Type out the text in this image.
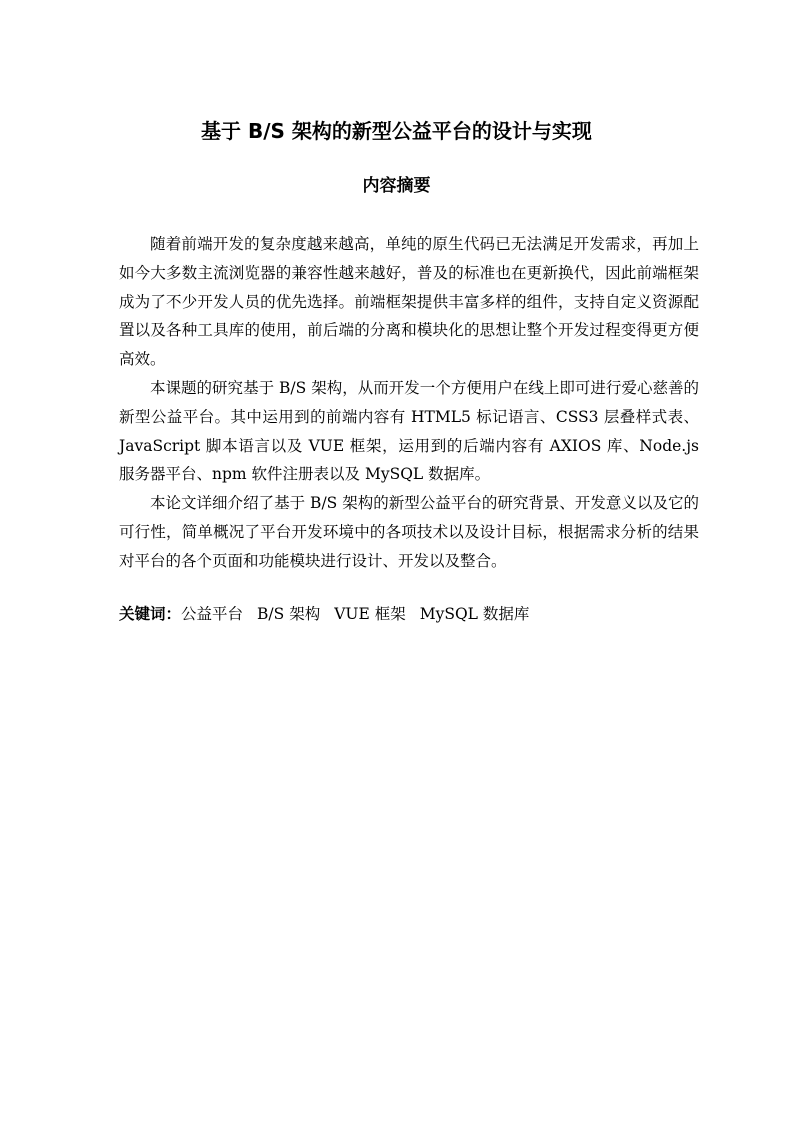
基于 B/S 架构的新型公益平台的设计与实现
内容摘要

随着前端开发的复杂度越来越高，单纯的原生代码已无法满足开发需求，再加上如今大多数主流浏览器的兼容性越来越好，普及的标准也在更新换代，因此前端框架成为了不少开发人员的优先选择。前端框架提供丰富多样的组件，支持自定义资源配置以及各种工具库的使用，前后端的分离和模块化的思想让整个开发过程变得更方便高效。

本课题的研究基于 B/S 架构，从而开发一个方便用户在线上即可进行爱心慈善的新型公益平台。其中运用到的前端内容有 HTML5 标记语言、CSS3 层叠样式表、JavaScript 脚本语言以及 VUE 框架，运用到的后端内容有 AXIOS 库、Node.js 服务器平台、npm 软件注册表以及 MySQL 数据库。

本论文详细介绍了基于 B/S 架构的新型公益平台的研究背景、开发意义以及它的可行性，简单概况了平台开发环境中的各项技术以及设计目标，根据需求分析的结果对平台的各个页面和功能模块进行设计、开发以及整合。

关键词：公益平台 B/S 架构 VUE 框架 MySQL 数据库
